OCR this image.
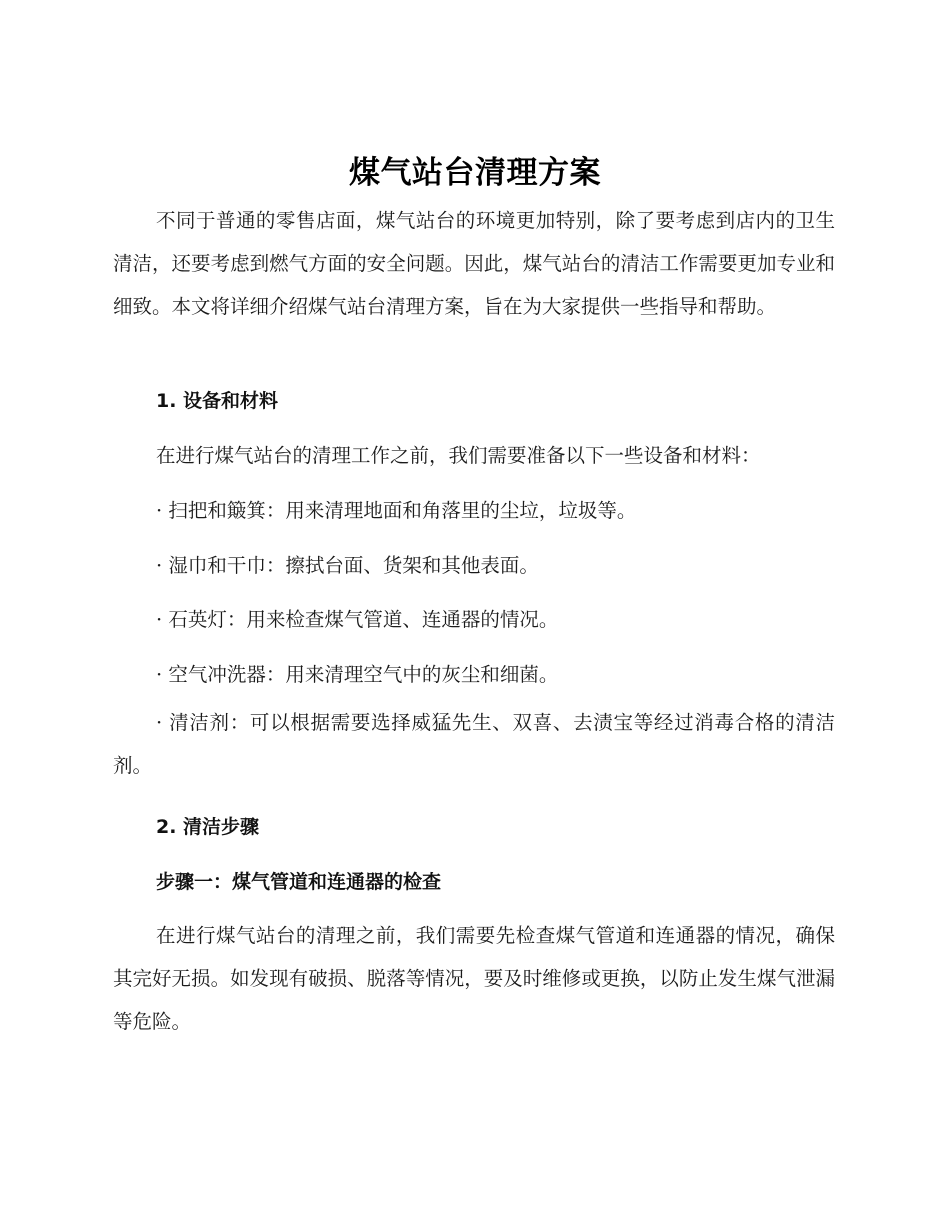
煤气站台清理方案
不同于普通的零售店面，煤气站台的环境更加特别，除了要考虑到店内的卫生清洁，还要考虑到燃气方面的安全问题。因此，煤气站台的清洁工作需要更加专业和细致。本文将详细介绍煤气站台清理方案，旨在为大家提供一些指导和帮助。
1. 设备和材料
在进行煤气站台的清理工作之前，我们需要准备以下一些设备和材料：
· 扫把和簸箕：用来清理地面和角落里的尘垃，垃圾等。
· 湿巾和干巾：擦拭台面、货架和其他表面。
· 石英灯：用来检查煤气管道、连通器的情况。
· 空气冲洗器：用来清理空气中的灰尘和细菌。
· 清洁剂：可以根据需要选择威猛先生、双喜、去渍宝等经过消毒合格的清洁剂。
2. 清洁步骤
步骤一：煤气管道和连通器的检查
在进行煤气站台的清理之前，我们需要先检查煤气管道和连通器的情况，确保其完好无损。如发现有破损、脱落等情况，要及时维修或更换，以防止发生煤气泄漏等危险。
